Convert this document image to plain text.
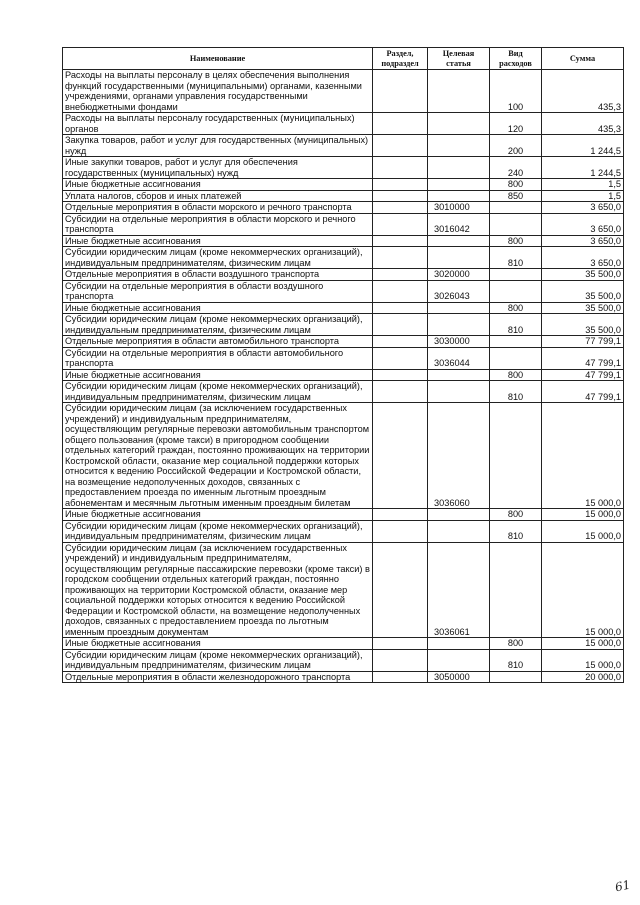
Наименование	Раздел, подраздел	Целевая статья	Вид расходов	Сумма
Расходы на выплаты персоналу в целях обеспечения выполнения функций государственными (муниципальными) органами, казенными учреждениями, органами управления государственными внебюджетными фондами			100	435,3
Расходы на выплаты персоналу государственных (муниципальных) органов			120	435,3
Закупка товаров, работ и услуг для государственных (муниципальных) нужд			200	1 244,5
Иные закупки товаров, работ и услуг для обеспечения государственных (муниципальных) нужд			240	1 244,5
Иные бюджетные ассигнования			800	1,5
Уплата налогов, сборов и иных платежей			850	1,5
Отдельные мероприятия в области морского и речного транспорта		3010000		3 650,0
Субсидии на отдельные мероприятия в области морского и речного транспорта		3016042		3 650,0
Иные бюджетные ассигнования			800	3 650,0
Субсидии юридическим лицам (кроме некоммерческих организаций), индивидуальным предпринимателям, физическим лицам			810	3 650,0
Отдельные мероприятия в области воздушного транспорта		3020000		35 500,0
Субсидии на отдельные мероприятия в области воздушного транспорта		3026043		35 500,0
Иные бюджетные ассигнования			800	35 500,0
Субсидии юридическим лицам (кроме некоммерческих организаций), индивидуальным предпринимателям, физическим лицам			810	35 500,0
Отдельные мероприятия в области автомобильного транспорта		3030000		77 799,1
Субсидии на отдельные мероприятия в области автомобильного транспорта		3036044		47 799,1
Иные бюджетные ассигнования			800	47 799,1
Субсидии юридическим лицам (кроме некоммерческих организаций), индивидуальным предпринимателям, физическим лицам			810	47 799,1
Субсидии юридическим лицам (за исключением государственных учреждений) и индивидуальным предпринимателям, осуществляющим регулярные перевозки автомобильным транспортом общего пользования (кроме такси) в пригородном сообщении отдельных категорий граждан, постоянно проживающих на территории Костромской области, оказание мер социальной поддержки которых относится к ведению Российской Федерации и Костромской области, на возмещение недополученных доходов, связанных с предоставлением проезда по именным льготным проездным абонементам и месячным льготным именным проездным билетам		3036060		15 000,0
Иные бюджетные ассигнования			800	15 000,0
Субсидии юридическим лицам (кроме некоммерческих организаций), индивидуальным предпринимателям, физическим лицам			810	15 000,0
Субсидии юридическим лицам (за исключением государственных учреждений) и индивидуальным предпринимателям, осуществляющим регулярные пассажирские перевозки (кроме такси) в городском сообщении отдельных категорий граждан, постоянно проживающих на территории Костромской области, оказание мер социальной поддержки которых относится к ведению Российской Федерации и Костромской области, на возмещение недополученных доходов, связанных с предоставлением проезда по льготным именным проездным документам		3036061		15 000,0
Иные бюджетные ассигнования			800	15 000,0
Субсидии юридическим лицам (кроме некоммерческих организаций), индивидуальным предпринимателям, физическим лицам			810	15 000,0
Отдельные мероприятия в области железнодорожного транспорта		3050000		20 000,0
61
